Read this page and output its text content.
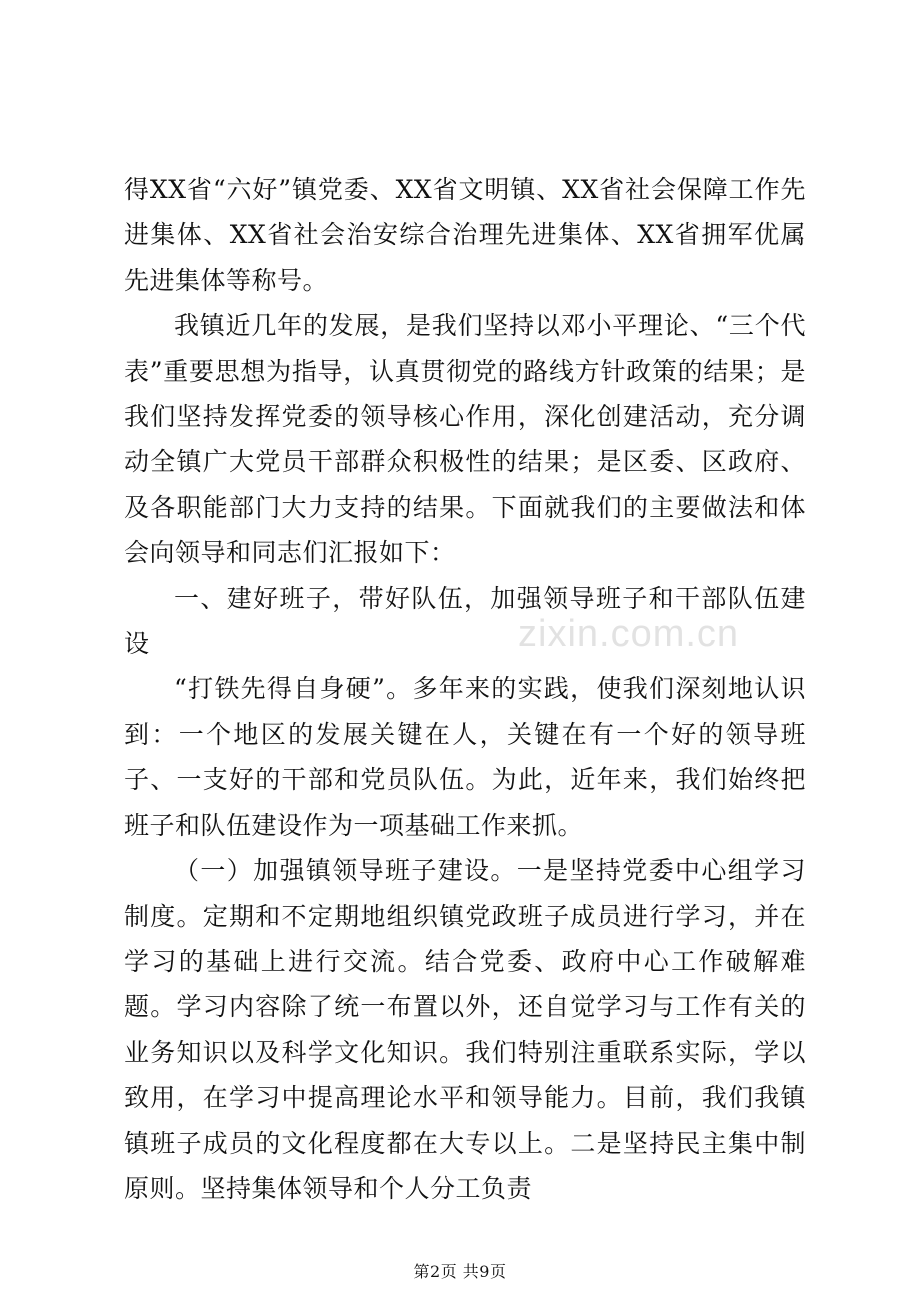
得XX省“六好”镇党委、XX省文明镇、XX省社会保障工作先进集体、XX省社会治安综合治理先进集体、XX省拥军优属先进集体等称号。

我镇近几年的发展，是我们坚持以邓小平理论、“三个代表”重要思想为指导，认真贯彻党的路线方针政策的结果；是我们坚持发挥党委的领导核心作用，深化创建活动，充分调动全镇广大党员干部群众积极性的结果；是区委、区政府、及各职能部门大力支持的结果。下面就我们的主要做法和体会向领导和同志们汇报如下：

一、建好班子，带好队伍，加强领导班子和干部队伍建设

“打铁先得自身硬”。多年来的实践，使我们深刻地认识到：一个地区的发展关键在人，关键在有一个好的领导班子、一支好的干部和党员队伍。为此，近年来，我们始终把班子和队伍建设作为一项基础工作来抓。

（一）加强镇领导班子建设。一是坚持党委中心组学习制度。定期和不定期地组织镇党政班子成员进行学习，并在学习的基础上进行交流。结合党委、政府中心工作破解难题。学习内容除了统一布置以外，还自觉学习与工作有关的业务知识以及科学文化知识。我们特别注重联系实际，学以致用，在学习中提高理论水平和领导能力。目前，我们我镇镇班子成员的文化程度都在大专以上。二是坚持民主集中制原则。坚持集体领导和个人分工负责

zixin.com.cn
第2页 共9页
